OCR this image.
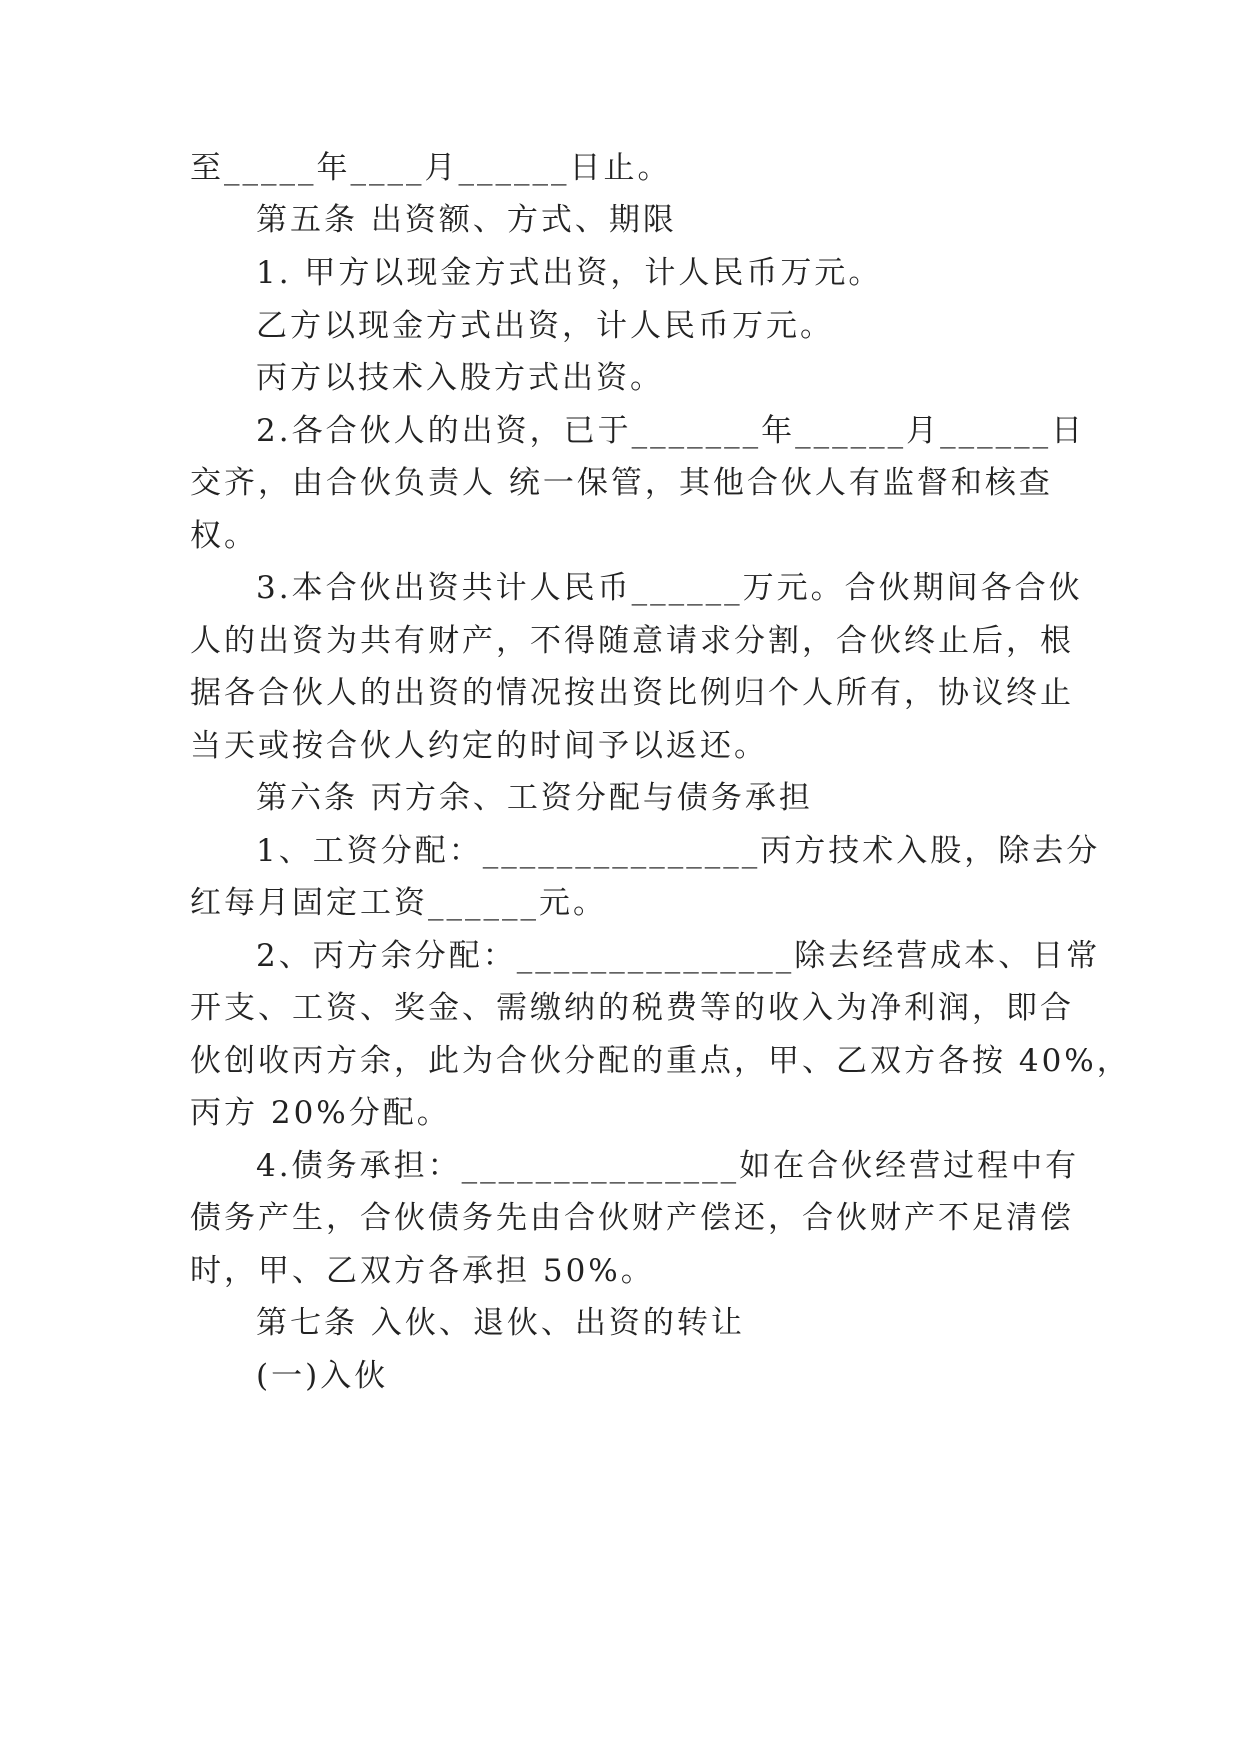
至_____年____月______日止。
第五条 出资额、方式、期限
1. 甲方以现金方式出资，计人民币万元。
乙方以现金方式出资，计人民币万元。
丙方以技术入股方式出资。
2.各合伙人的出资，已于_______年______月______日
交齐，由合伙负责人 统一保管，其他合伙人有监督和核查
权。
3.本合伙出资共计人民币______万元。合伙期间各合伙
人的出资为共有财产，不得随意请求分割，合伙终止后，根
据各合伙人的出资的情况按出资比例归个人所有，协议终止
当天或按合伙人约定的时间予以返还。
第六条 丙方余、工资分配与债务承担
1、工资分配：_______________丙方技术入股，除去分
红每月固定工资______元。
2、丙方余分配：_______________除去经营成本、日常
开支、工资、奖金、需缴纳的税费等的收入为净利润，即合
伙创收丙方余，此为合伙分配的重点，甲、乙双方各按 40%，
丙方 20%分配。
4.债务承担：_______________如在合伙经营过程中有
债务产生，合伙债务先由合伙财产偿还，合伙财产不足清偿
时，甲、乙双方各承担 50%。
第七条 入伙、退伙、出资的转让
(一)入伙
